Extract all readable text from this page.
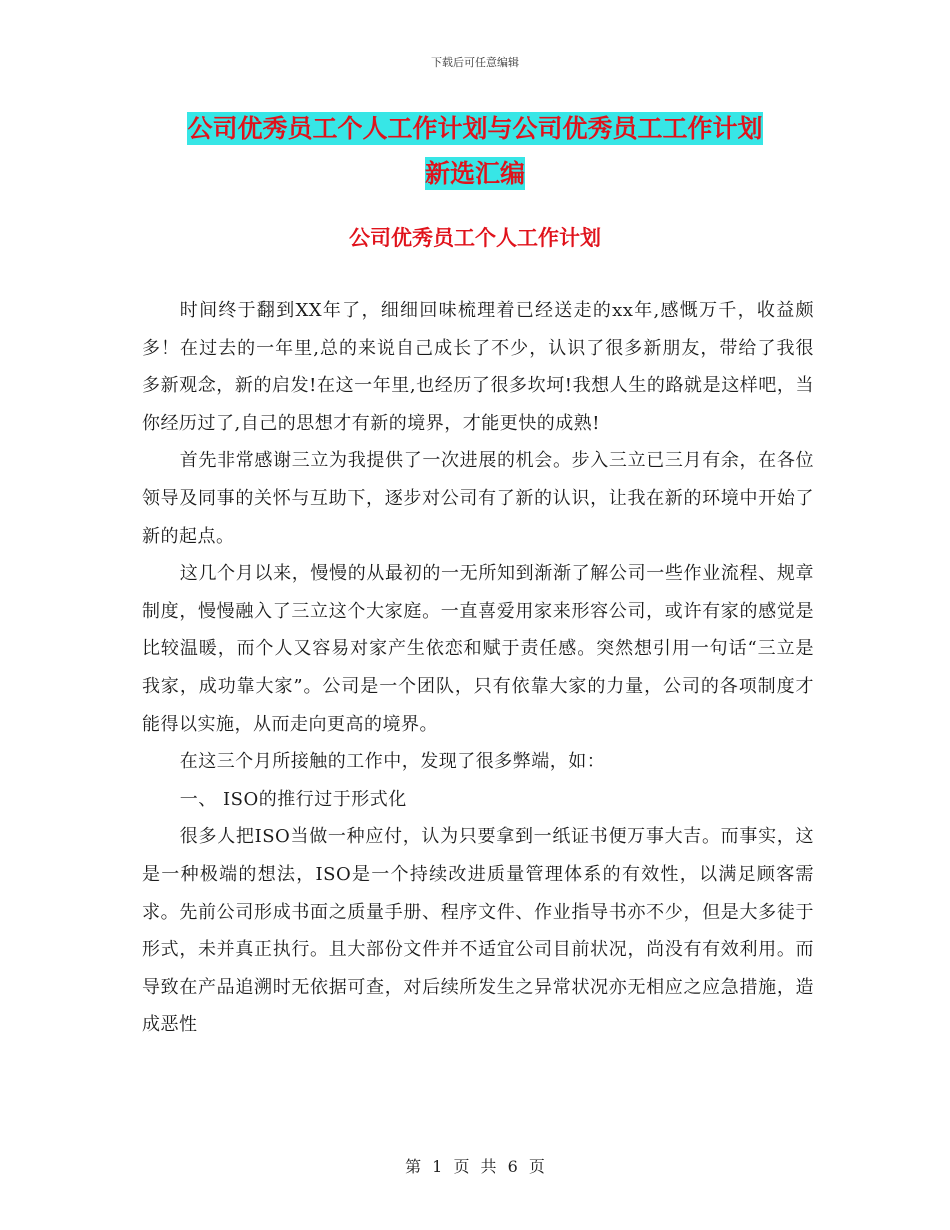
下载后可任意编辑
公司优秀员工个人工作计划与公司优秀员工工作计划
新选汇编
公司优秀员工个人工作计划

时间终于翻到XX年了，细细回味梳理着已经送走的xx年,感慨万千，收益颇多！在过去的一年里,总的来说自己成长了不少，认识了很多新朋友，带给了我很多新观念，新的启发!在这一年里,也经历了很多坎坷!我想人生的路就是这样吧，当你经历过了,自己的思想才有新的境界，才能更快的成熟!

首先非常感谢三立为我提供了一次进展的机会。步入三立已三月有余，在各位领导及同事的关怀与互助下，逐步对公司有了新的认识，让我在新的环境中开始了新的起点。

这几个月以来，慢慢的从最初的一无所知到渐渐了解公司一些作业流程、规章制度，慢慢融入了三立这个大家庭。一直喜爱用家来形容公司，或许有家的感觉是比较温暖，而个人又容易对家产生依恋和赋于责任感。突然想引用一句话“三立是我家，成功靠大家”。公司是一个团队，只有依靠大家的力量，公司的各项制度才能得以实施，从而走向更高的境界。

在这三个月所接触的工作中，发现了很多弊端，如：

一、 ISO的推行过于形式化

很多人把ISO当做一种应付，认为只要拿到一纸证书便万事大吉。而事实，这是一种极端的想法，ISO是一个持续改进质量管理体系的有效性，以满足顾客需求。先前公司形成书面之质量手册、程序文件、作业指导书亦不少，但是大多徒于形式，未并真正执行。且大部份文件并不适宜公司目前状况，尚没有有效利用。而导致在产品追溯时无依据可查，对后续所发生之异常状况亦无相应之应急措施，造成恶性

第 1 页 共 6 页
